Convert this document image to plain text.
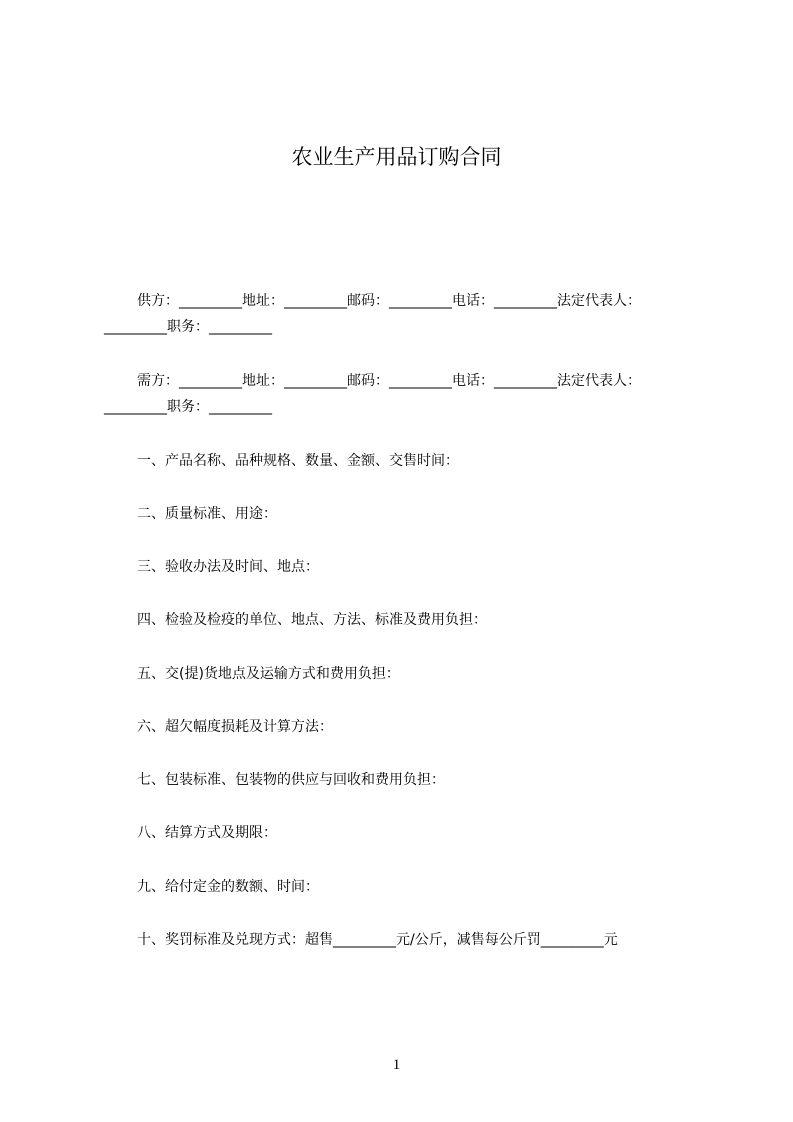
农业生产用品订购合同
供方：_________地址：_________邮码：_________电话：_________法定代表人：
_________职务：_________
需方：_________地址：_________邮码：_________电话：_________法定代表人：
_________职务：_________
一、产品名称、品种规格、数量、金额、交售时间：
二、质量标准、用途：
三、验收办法及时间、地点：
四、检验及检疫的单位、地点、方法、标准及费用负担：
五、交(提)货地点及运输方式和费用负担：
六、超欠幅度损耗及计算方法：
七、包装标准、包装物的供应与回收和费用负担：
八、结算方式及期限：
九、给付定金的数额、时间：
十、奖罚标准及兑现方式：超售_________元/公斤，减售每公斤罚_________元
1
